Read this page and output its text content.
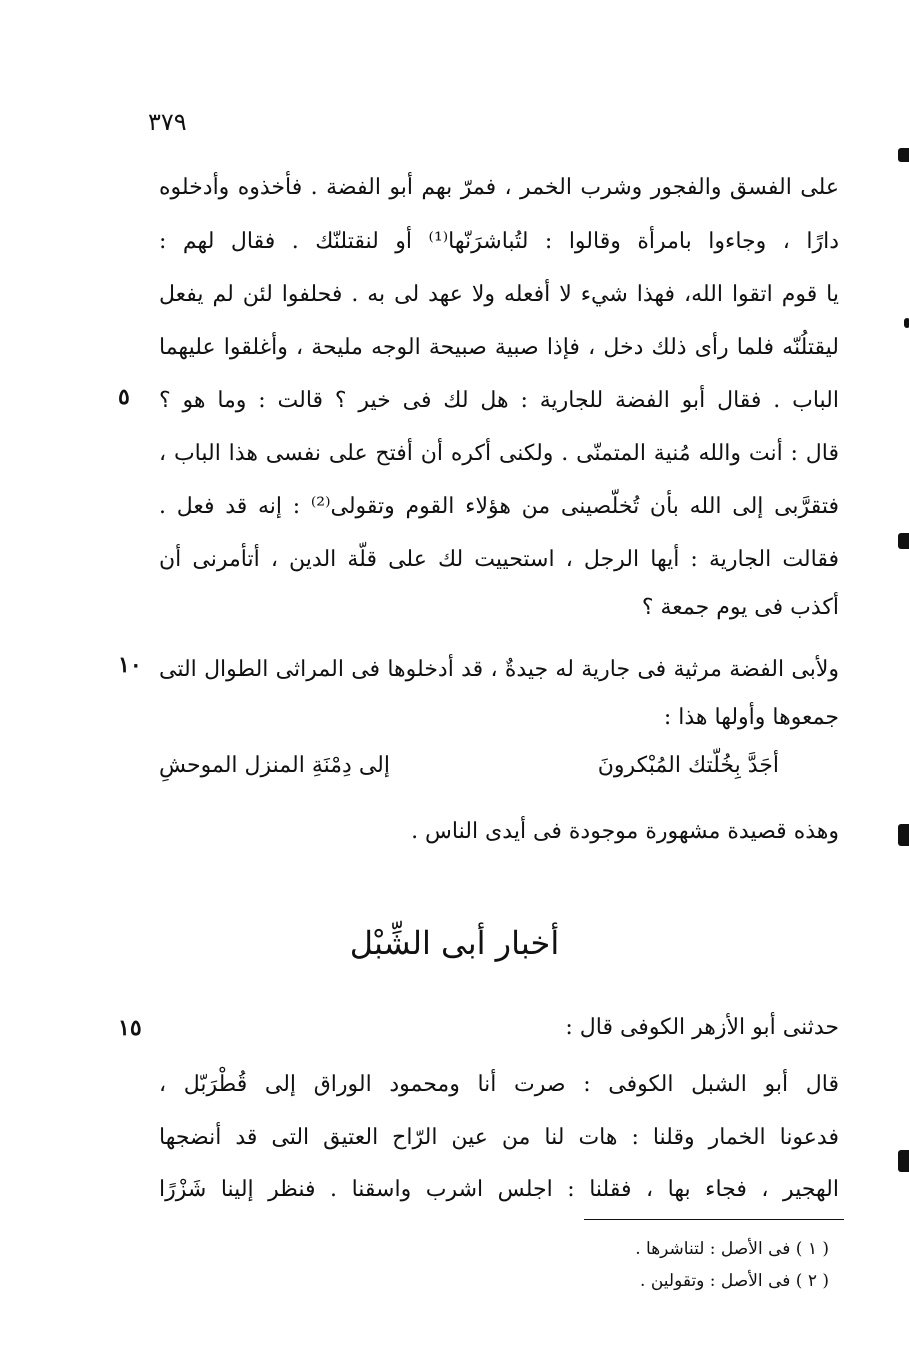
٣٧٩
على الفسق والفجور وشرب الخمر ، فمرّ بهم أبو الفضة . فأخذوه وأدخلوه
دارًا ، وجاءوا بامرأة وقالوا : لتُباشرَنّها⁽¹⁾ أو لنقتلنّك . فقال لهم :
يا قوم اتقوا الله، فهذا شيء لا أفعله ولا عهد لى به . فحلفوا لئن لم يفعل
ليقتلُنّه فلما رأى ذلك دخل ، فإذا صبية صبيحة الوجه مليحة ، وأغلقوا عليهما
الباب . فقال أبو الفضة للجارية : هل لك فى خير ؟ قالت : وما هو ؟
قال : أنت والله مُنية المتمنّى . ولكنى أكره أن أفتح على نفسى هذا الباب ،
فتقرَّبى إلى الله بأن تُخلّصينى من هؤلاء القوم وتقولى⁽²⁾ : إنه قد فعل .
فقالت الجارية : أيها الرجل ، استحييت لك على قلّة الدين ، أتأمرنى أن
أكذب فى يوم جمعة ؟
ولأبى الفضة مرثية فى جارية له جيدةٌ ، قد أدخلوها فى المراثى الطوال التى
جمعوها وأولها هذا :
٥
١٠
١٥
أجَدَّ بِخُلّتك المُبْكرونَ
إلى دِمْنَةِ المنزل الموحشِ
وهذه قصيدة مشهورة موجودة فى أيدى الناس .
أخبار أبى الشِّبْل
حدثنى أبو الأزهر الكوفى قال :
قال أبو الشبل الكوفى : صرت أنا ومحمود الوراق إلى قُطْرَبّل ،
فدعونا الخمار وقلنا : هات لنا من عين الرّاح العتيق التى قد أنضجها
الهجير ، فجاء بها ، فقلنا : اجلس اشرب واسقنا . فنظر إلينا شَزْرًا
( ١ ) فى الأصل : لتناشرها .
( ٢ ) فى الأصل : وتقولين .
